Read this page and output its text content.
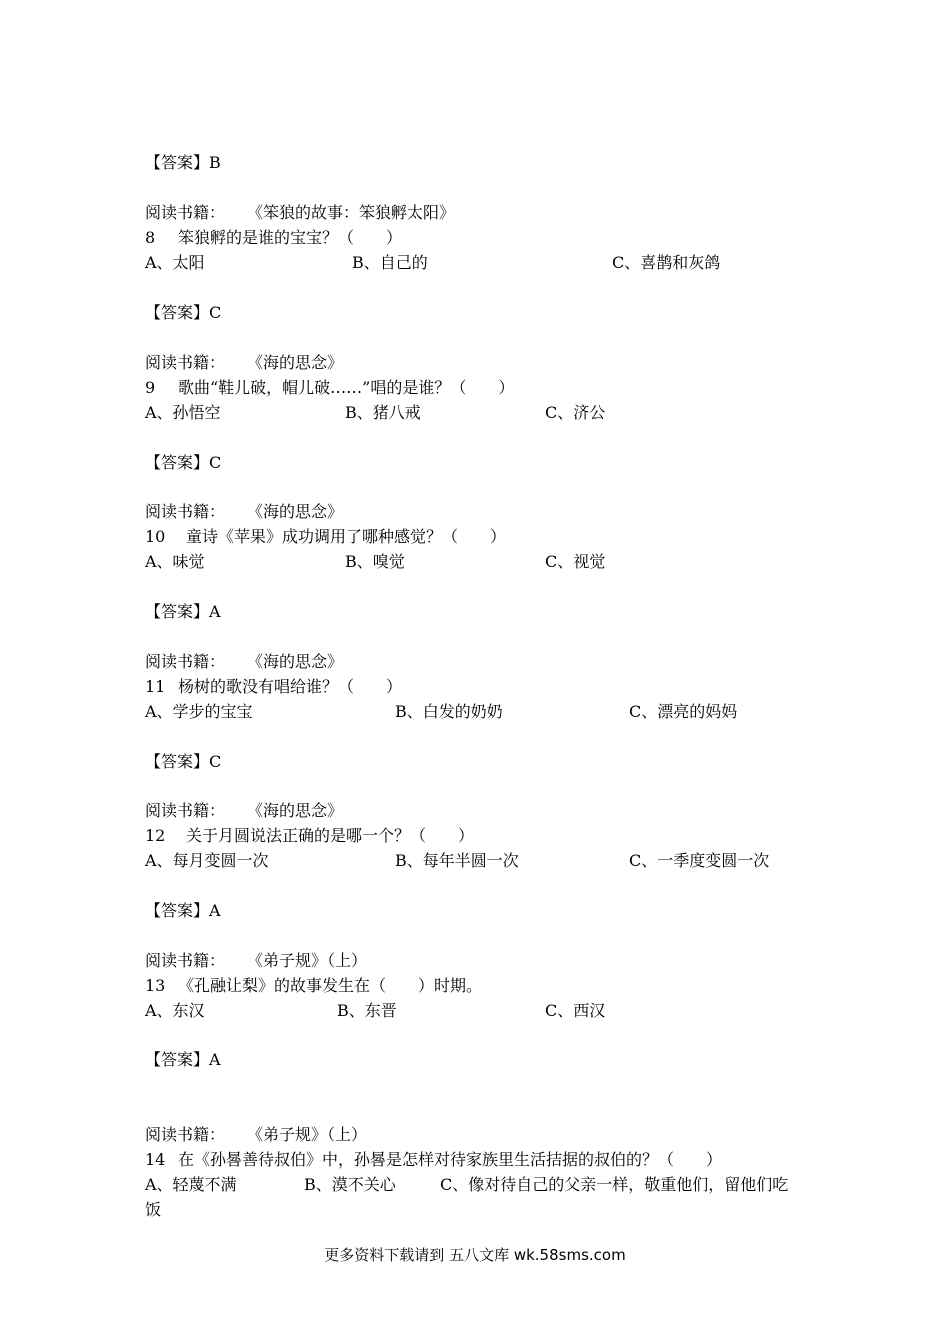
【答案】B
阅读书籍： 《笨狼的故事：笨狼孵太阳》
8 笨狼孵的是谁的宝宝？（　　）
A、太阳	B、自己的	C、喜鹊和灰鸽
【答案】C
阅读书籍： 《海的思念》
9 歌曲“鞋儿破，帽儿破……”唱的是谁？（　　）
A、孙悟空	B、猪八戒	C、济公
【答案】C
阅读书籍： 《海的思念》
10 童诗《苹果》成功调用了哪种感觉？（　　）
A、味觉	B、嗅觉	C、视觉
【答案】A
阅读书籍： 《海的思念》
11 杨树的歌没有唱给谁？（　　）
A、学步的宝宝	B、白发的奶奶	C、漂亮的妈妈
【答案】C
阅读书籍： 《海的思念》
12 关于月圆说法正确的是哪一个？（　　）
A、每月变圆一次	B、每年半圆一次	C、一季度变圆一次
【答案】A
阅读书籍： 《弟子规》（上）
13 《孔融让梨》的故事发生在（　　）时期。
A、东汉	B、东晋	C、西汉
【答案】A
阅读书籍： 《弟子规》（上）
14 在《孙晷善待叔伯》中，孙晷是怎样对待家族里生活拮据的叔伯的？（　　）
A、轻蔑不满	B、漠不关心	C、像对待自己的父亲一样，敬重他们，留他们吃
饭
更多资料下载请到 五八文库 wk.58sms.com
